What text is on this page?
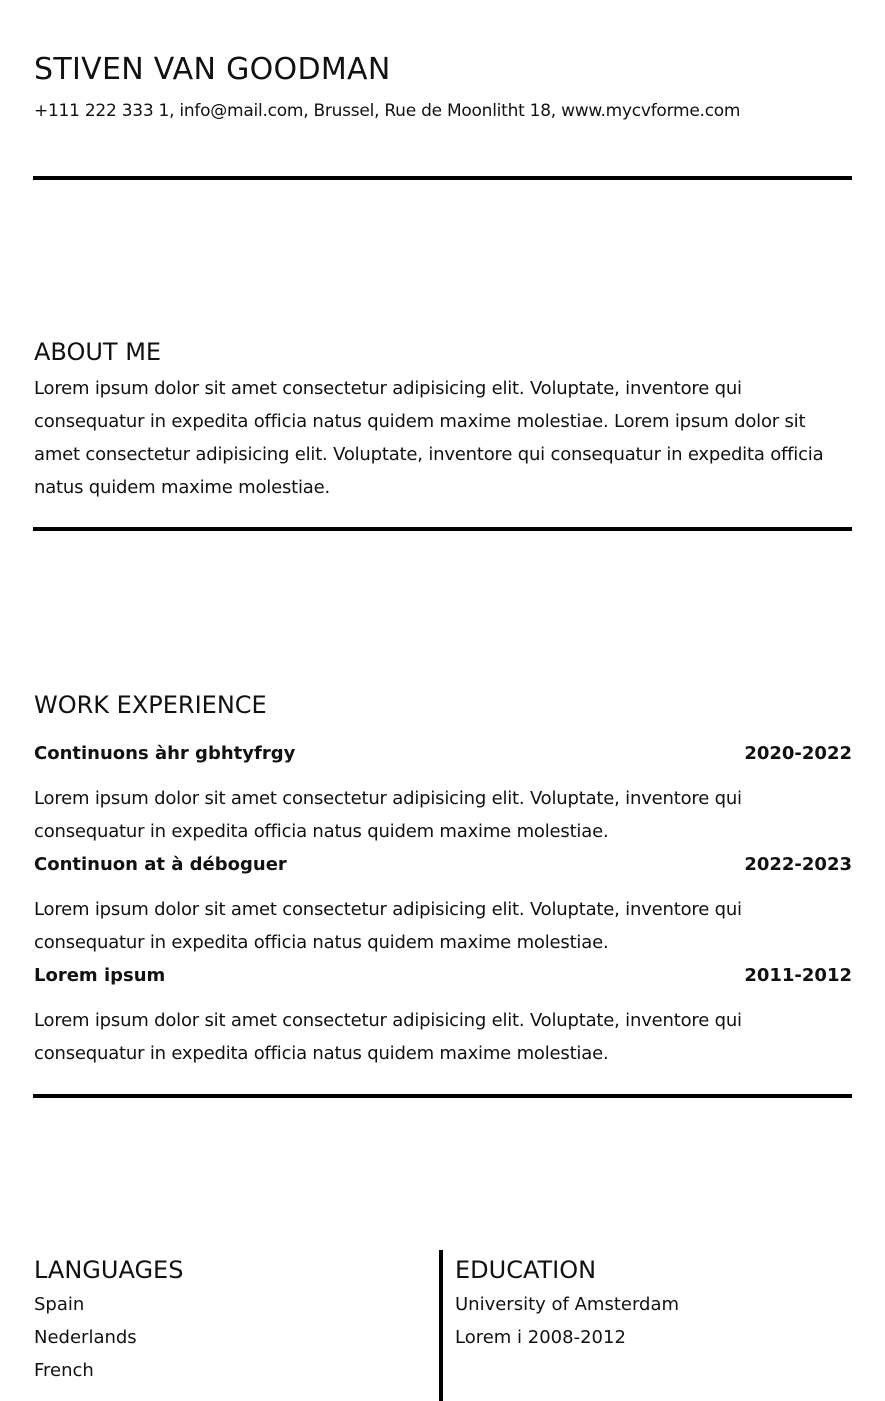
STIVEN VAN GOODMAN
+111 222 333 1, info@mail.com, Brussel, Rue de Moonlitht 18, www.mycvforme.com
ABOUT ME

Lorem ipsum dolor sit amet consectetur adipisicing elit. Voluptate, inventore qui consequatur in expedita officia natus quidem maxime molestiae. Lorem ipsum dolor sit amet consectetur adipisicing elit. Voluptate, inventore qui consequatur in expedita officia natus quidem maxime molestiae.

WORK EXPERIENCE
Continuons àhr gbhtyfrgy	2020-2022

Lorem ipsum dolor sit amet consectetur adipisicing elit. Voluptate, inventore qui consequatur in expedita officia natus quidem maxime molestiae.

Continuon at à déboguer	2022-2023

Lorem ipsum dolor sit amet consectetur adipisicing elit. Voluptate, inventore qui consequatur in expedita officia natus quidem maxime molestiae.

Lorem ipsum	2011-2012

Lorem ipsum dolor sit amet consectetur adipisicing elit. Voluptate, inventore qui consequatur in expedita officia natus quidem maxime molestiae.

LANGUAGES
Spain
Nederlands
French
EDUCATION
University of Amsterdam
Lorem i 2008-2012
